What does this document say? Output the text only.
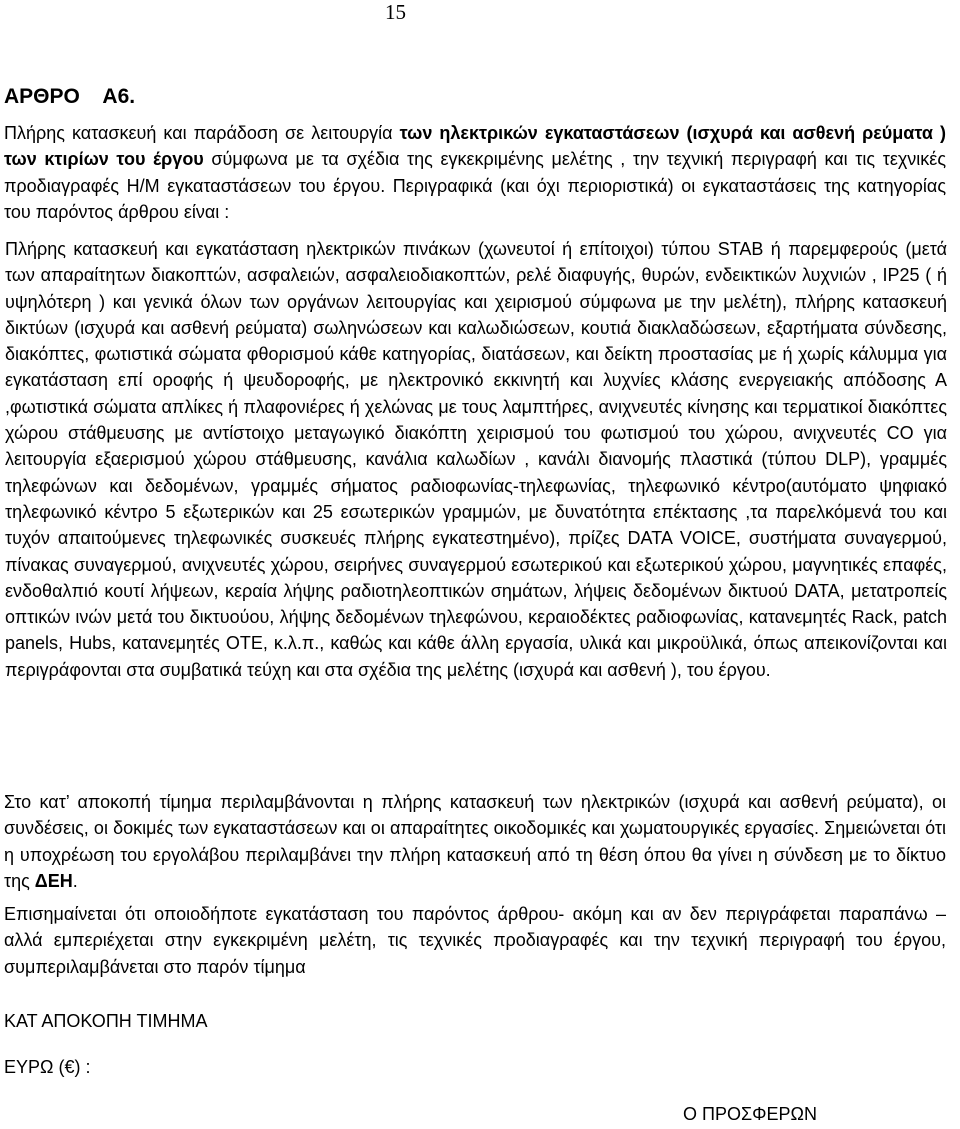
15
ΑΡΘΡΟ    Α6.

Πλήρης κατασκευή και παράδοση σε λειτουργία των ηλεκτρικών εγκαταστάσεων (ισχυρά και ασθενή ρεύματα ) των κτιρίων του έργου σύμφωνα με τα σχέδια της εγκεκριμένης μελέτης , την τεχνική περιγραφή και τις τεχνικές προδιαγραφές Η/Μ εγκαταστάσεων του έργου. Περιγραφικά (και όχι περιοριστικά) οι εγκαταστάσεις της κατηγορίας του παρόντος άρθρου είναι :

Πλήρης κατασκευή και εγκατάσταση ηλεκτρικών πινάκων (χωνευτοί ή επίτοιχοι) τύπου STAB ή παρεμφερούς (μετά των απαραίτητων διακοπτών, ασφαλειών, ασφαλειοδιακοπτών, ρελέ διαφυγής, θυρών, ενδεικτικών λυχνιών , IP25 ( ή υψηλότερη ) και γενικά όλων των οργάνων λειτουργίας και χειρισμού σύμφωνα με την μελέτη), πλήρης κατασκευή δικτύων (ισχυρά και ασθενή ρεύματα) σωληνώσεων και καλωδιώσεων, κουτιά διακλαδώσεων, εξαρτήματα σύνδεσης, διακόπτες, φωτιστικά σώματα φθορισμού κάθε κατηγορίας, διατάσεων, και δείκτη προστασίας με ή χωρίς κάλυμμα για εγκατάσταση επί οροφής ή ψευδοροφής, με ηλεκτρονικό εκκινητή και λυχνίες κλάσης ενεργειακής απόδοσης Α ,φωτιστικά σώματα απλίκες ή πλαφονιέρες ή χελώνας με τους λαμπτήρες, ανιχνευτές κίνησης και τερματικοί διακόπτες χώρου στάθμευσης με αντίστοιχο μεταγωγικό διακόπτη χειρισμού του φωτισμού του χώρου, ανιχνευτές CO για λειτουργία εξαερισμού χώρου στάθμευσης, κανάλια καλωδίων , κανάλι διανομής πλαστικά (τύπου DLP), γραμμές τηλεφώνων και δεδομένων, γραμμές σήματος ραδιοφωνίας-τηλεφωνίας, τηλεφωνικό κέντρο(αυτόματο ψηφιακό τηλεφωνικό κέντρο 5 εξωτερικών και 25 εσωτερικών γραμμών, με δυνατότητα επέκτασης ,τα παρελκόμενά του και τυχόν απαιτούμενες τηλεφωνικές συσκευές πλήρης εγκατεστημένο), πρίζες DATA VOICE, συστήματα συναγερμού, πίνακας συναγερμού, ανιχνευτές χώρου, σειρήνες συναγερμού εσωτερικού και εξωτερικού χώρου, μαγνητικές επαφές, ενδοθαλπιό κουτί λήψεων, κεραία λήψης ραδιοτηλεοπτικών σημάτων, λήψεις δεδομένων δικτυού DATA, μετατροπείς οπτικών ινών μετά του δικτυούου, λήψης δεδομένων τηλεφώνου, κεραιοδέκτες ραδιοφωνίας, κατανεμητές Rack, patch panels, Hubs, κατανεμητές ΟΤΕ, κ.λ.π., καθώς και κάθε άλλη εργασία, υλικά και μικροϋλικά, όπως απεικονίζονται και περιγράφονται στα συμβατικά τεύχη και στα σχέδια της μελέτης (ισχυρά και ασθενή ), του έργου.

Στο κατ’ αποκοπή τίμημα περιλαμβάνονται η πλήρης κατασκευή των ηλεκτρικών (ισχυρά και ασθενή ρεύματα), οι συνδέσεις, οι δοκιμές των εγκαταστάσεων και οι απαραίτητες οικοδομικές και χωματουργικές εργασίες. Σημειώνεται ότι η υποχρέωση του εργολάβου περιλαμβάνει την πλήρη κατασκευή από τη θέση όπου θα γίνει η σύνδεση με το δίκτυο της ΔΕΗ.

Επισημαίνεται ότι οποιοδήποτε εγκατάσταση του παρόντος άρθρου- ακόμη και αν δεν περιγράφεται παραπάνω – αλλά εμπεριέχεται στην εγκεκριμένη μελέτη, τις τεχνικές προδιαγραφές και την τεχνική περιγραφή του έργου, συμπεριλαμβάνεται στο παρόν τίμημα

ΚΑΤ ΑΠΟΚΟΠΗ ΤΙΜΗΜΑ
ΕΥΡΩ (€) :
Ο ΠΡΟΣΦΕΡΩΝ
